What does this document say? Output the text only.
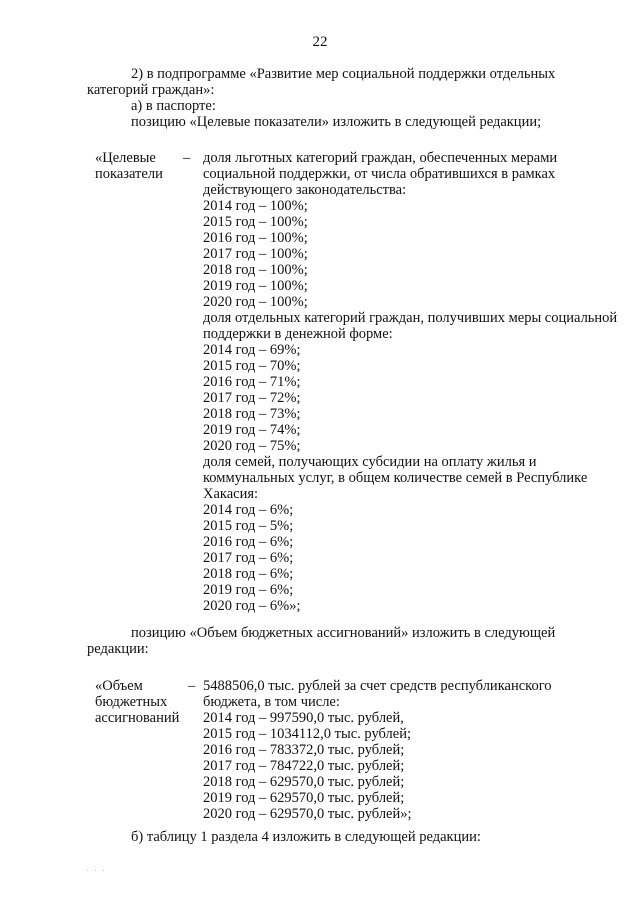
22
2) в подпрограмме «Развитие мер социальной поддержки отдельных
категорий граждан»:
а) в паспорте:
позицию «Целевые показатели» изложить в следующей редакции;
«Целевые
показатели
– доля льготных категорий граждан, обеспеченных мерами
социальной поддержки, от числа обратившихся в рамках
действующего законодательства:
2014 год – 100%;
2015 год – 100%;
2016 год – 100%;
2017 год – 100%;
2018 год – 100%;
2019 год – 100%;
2020 год – 100%;
доля отдельных категорий граждан, получивших меры социальной
поддержки в денежной форме:
2014 год – 69%;
2015 год – 70%;
2016 год – 71%;
2017 год – 72%;
2018 год – 73%;
2019 год – 74%;
2020 год – 75%;
доля семей, получающих субсидии на оплату жилья и
коммунальных услуг, в общем количестве семей в Республике
Хакасия:
2014 год – 6%;
2015 год – 5%;
2016 год – 6%;
2017 год – 6%;
2018 год – 6%;
2019 год – 6%;
2020 год – 6%»;
позицию «Объем бюджетных ассигнований» изложить в следующей
редакции:
«Объем
бюджетных
ассигнований
– 5488506,0 тыс. рублей за счет средств республиканского
бюджета, в том числе:
2014 год – 997590,0 тыс. рублей,
2015 год – 1034112,0 тыс. рублей;
2016 год – 783372,0 тыс. рублей;
2017 год – 784722,0 тыс. рублей;
2018 год – 629570,0 тыс. рублей;
2019 год – 629570,0 тыс. рублей;
2020 год – 629570,0 тыс. рублей»;
б) таблицу 1 раздела 4 изложить в следующей редакции:
· · ·
